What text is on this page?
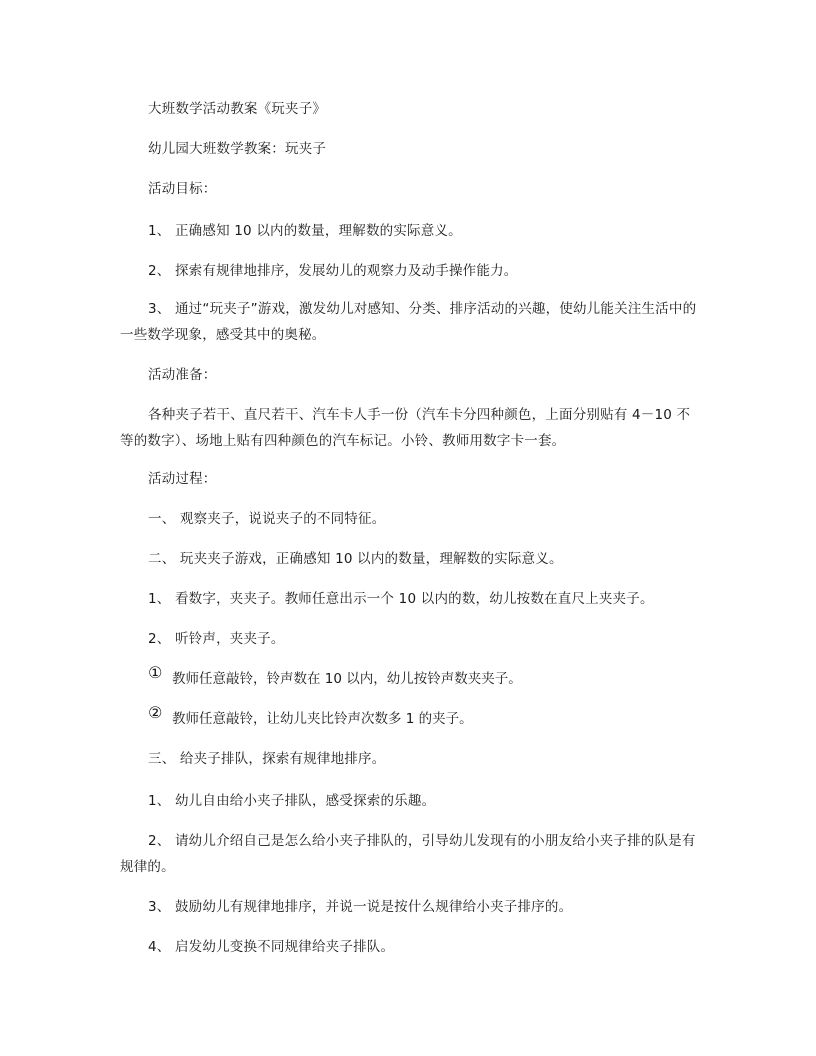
大班数学活动教案《玩夹子》
幼儿园大班数学教案：玩夹子
活动目标：
1、 正确感知 10 以内的数量，理解数的实际意义。
2、 探索有规律地排序，发展幼儿的观察力及动手操作能力。
3、 通过“玩夹子”游戏，激发幼儿对感知、分类、排序活动的兴趣，使幼儿能关注生活中的一些数学现象，感受其中的奥秘。
活动准备：
各种夹子若干、直尺若干、汽车卡人手一份（汽车卡分四种颜色，上面分别贴有 4－10 不等的数字）、场地上贴有四种颜色的汽车标记。小铃、教师用数字卡一套。
活动过程：
一、 观察夹子，说说夹子的不同特征。
二、 玩夹夹子游戏，正确感知 10 以内的数量，理解数的实际意义。
1、 看数字，夹夹子。教师任意出示一个 10 以内的数，幼儿按数在直尺上夹夹子。
2、 听铃声，夹夹子。
① 教师任意敲铃，铃声数在 10 以内，幼儿按铃声数夹夹子。
② 教师任意敲铃，让幼儿夹比铃声次数多 1 的夹子。
三、 给夹子排队，探索有规律地排序。
1、 幼儿自由给小夹子排队，感受探索的乐趣。
2、 请幼儿介绍自己是怎么给小夹子排队的，引导幼儿发现有的小朋友给小夹子排的队是有规律的。
3、 鼓励幼儿有规律地排序，并说一说是按什么规律给小夹子排序的。
4、 启发幼儿变换不同规律给夹子排队。
